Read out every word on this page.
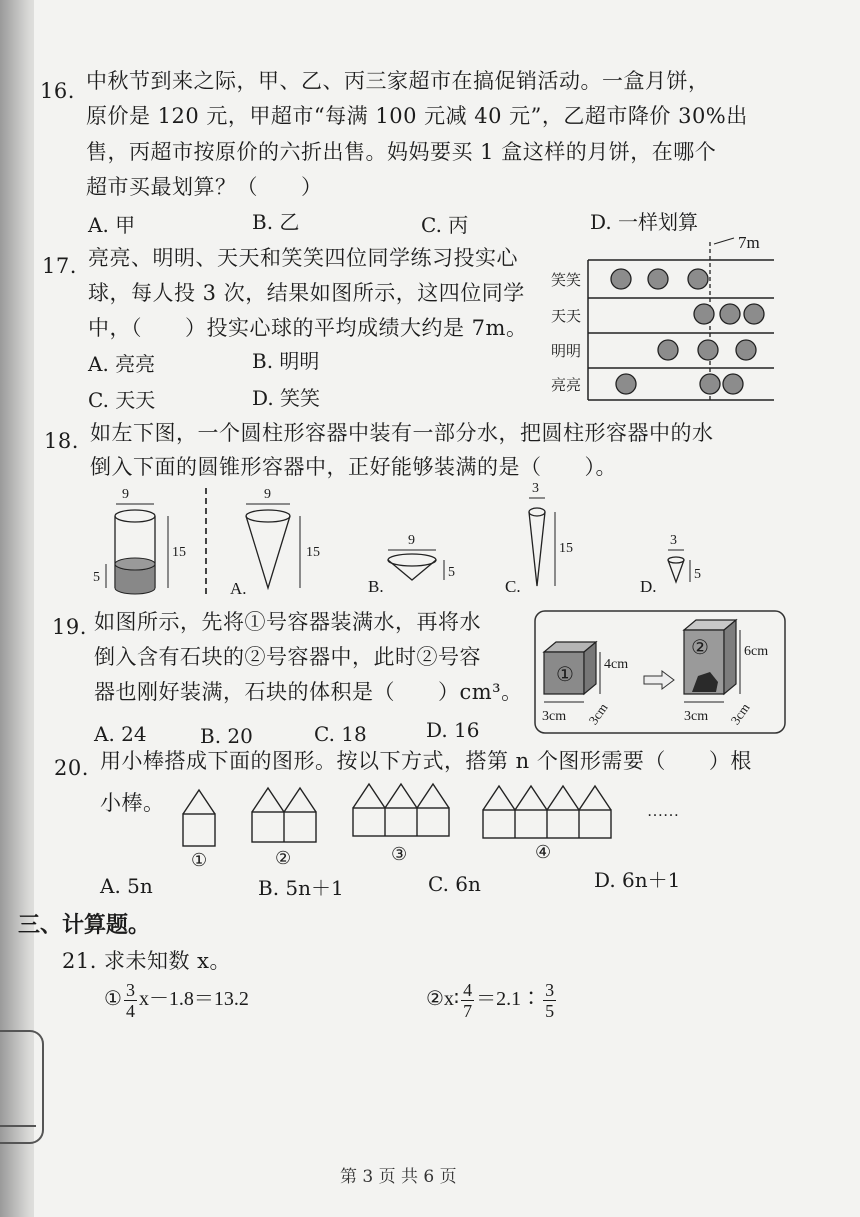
16. 中秋节到来之际，甲、乙、丙三家超市在搞促销活动。一盒月饼，
原价是 120 元，甲超市“每满 100 元减 40 元”，乙超市降价 30%出
售，丙超市按原价的六折出售。妈妈要买 1 盒这样的月饼，在哪个
超市买最划算？（　　）
A. 甲	B. 乙	C. 丙	D. 一样划算
17. 亮亮、明明、天天和笑笑四位同学练习投实心
球，每人投 3 次，结果如图所示，这四位同学
中，（　　）投实心球的平均成绩大约是 7m。
A. 亮亮	B. 明明
C. 天天	D. 笑笑
7m
笑笑
天天
明明
亮亮
18. 如左下图，一个圆柱形容器中装有一部分水，把圆柱形容器中的水
倒入下面的圆锥形容器中，正好能够装满的是（　　）。
9
15
5
9
15
A.
9
5
B.
3
15
C.
3
5
D.
19. 如图所示，先将①号容器装满水，再将水
倒入含有石块的②号容器中，此时②号容
器也刚好装满，石块的体积是（　　）cm³。
A. 24	B. 20	C. 18	D. 16
① 4cm
3cm 3cm
②	6cm
3cm 3cm
20. 用小棒搭成下面的图形。按以下方式，搭第 n 个图形需要（　　）根
小棒。
①	②	③	④
……
A. 5n	B. 5n＋1	C. 6n	D. 6n＋1
三、计算题。
21. 求未知数 x。
① $\frac{3}{4} x-1.8=13.2$	②x∶ $\frac{4}{7}$ ＝2.1∶ $\frac{3}{5}$
第 3 页 共 6 页
